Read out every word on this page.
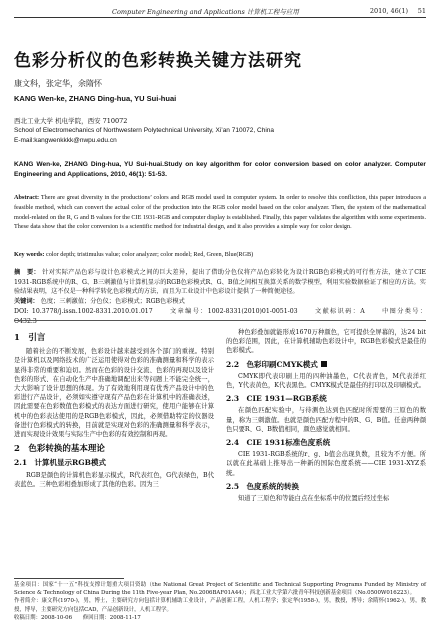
Computer Engineering and Applications 计算机工程与应用	2010, 46(1) 51
色彩分析仪的色彩转换关键方法研究
康文科，张定华，余隋怀
KANG Wen-ke, ZHANG Ding-hua, YU Sui-huai
西北工业大学 机电学院，西安 710072
School of Electromechanics of Northwestern Polytechnical University, Xi’an 710072, China
E-mail:kangwenkkkk@nwpu.edu.cn
KANG Wen-ke, ZHANG Ding-hua, YU Sui-huai.Study on key algorithm for color conversion based on color analyzer. Computer Engineering and Applications, 2010, 46(1): 51-53.
Abstract: There are great diversity in the productions’ colors and RGB model used in computer system. In order to resolve this confliction, this paper introduces a feasible method, which can convert the actual color of the production into the RGB color model based on the color analyzer. Then, the system of the mathematical model-related on the R, G and B values for the CIE 1931-RGB and computer display is established. Finally, this paper validates the algorithm with some experiments. These data show that the color conversion is a scientific method for industrial design, and it also provides a simple way for color design.
Key words: color depth; tristimulus value; color analyzer; color model; Red, Green, Blue(RGB)
摘　要： 针对实际产品色彩与设计色彩模式之间的巨大差异，提出了借助分色仪将产品色彩转化为设计RGB色彩模式的可行性方法，建立了CIE 1931-RGB系统中的R、G、B三刺激值与计算机显示的RGB色彩模式R、G、B值之间相互换算关系的数学模型，利用实验数据验证了相应的方法。实验结果表明，这不仅是一种科学转化色彩模式的方法，而且为工业设计中色彩设计提供了一种简便途径。
关键词： 色度；三刺激值；分色仪；色彩模式；RGB色彩模式
DOI: 10.3778/j.issn.1002-8331.2010.01.017	文章编号：1002-8331(2010)01-0051-03	文献标识码：A	中图分类号：O432.3
1　引言

随着社会的不断发展，色彩设计越来越受到各个部门的重视。特别是计算机以及网络技术的广泛运用使得对色彩的准确测量和科学的表示显得非常的重要和迫切。然而在色彩的设计交流、色彩的再现以及设计色彩的形式、在自动化生产中准确地调配出来等问题上不能完全统一，大大影响了设计思想的体现。为了有效地利用现有优秀产品设计中的色彩进行产品设计，必须如实遵守现有产品色彩在计算机中的准确表述，因此需要在色彩数值色彩模式的表达方面进行研究，使用户能够在计算机中的色彩表达使用的是RGB色彩模式，因此，必须借助特定的仪器设备进行色彩模式的转换，目前就是实现对色彩的准确测量和科学表示，进而实现设计效果与实际生产中色彩的有效控制和再现。

2　色彩转换的基本理论
2.1　计算机显示RGB模式

RGB是颜色的计算机色彩显示模式，R代表红色，G代表绿色，B代表蓝色。三种色彩相叠加形成了其他的色彩。因为三

种色彩叠加就能形成1670万种颜色，它可提供全屏幕的，达24 bit的色彩范围，因此，在计算机辅助色彩设计中，RGB色彩模式是最佳的色彩模式。

2.2　色彩印刷CMYK模式

CMYK即代表印刷上用的四种油墨色，C代表青色，M代表洋红色，Y代表黄色，K代表黑色。CMYK模式是最佳的打印以及印刷模式。

2.3　CIE 1931—RGB系统

在颜色匹配实验中，与待测色达到色匹配时所需要的三原色的数量，称为三刺激值。也就是颜色匹配方程中的R、G、B值。任意两种颜色只要R、G、B数值相同，颜色感觉就相同。

2.4　CIE 1931标准色度系统

CIE 1931-RGB系统的r、g、b值会出现负数，且较为不方便。所以就在此基础上推导出一种新的国际色度系统——CIE 1931-XYZ系统。

2.5　色度系统的转换

知道了三原色和等能白点在坐标系中的位置后经过坐标

基金项目：国家“十一五”科技支撑计划重大项目资助（the National Great Project of Scientific and Technical Supporting Programs Funded by Ministry of Science & Technology of China During the 11th Five-year Plan, No.2006BAF01A44）；西北工业大学第六批青年科技创新基金项目（No.0500W016223）。
作者简介：康文科(1970-)，男，博士，主要研究方向包括计算机辅助工业设计，产品创新工程，人机工程学；张定华(1958-)，男，教授，博导；余隋怀(1962-)，男，教授，博导，主要研究方向包括CAD，产品创新设计，人机工程学。
收稿日期：2008-10-06　　修回日期：2008-11-17
